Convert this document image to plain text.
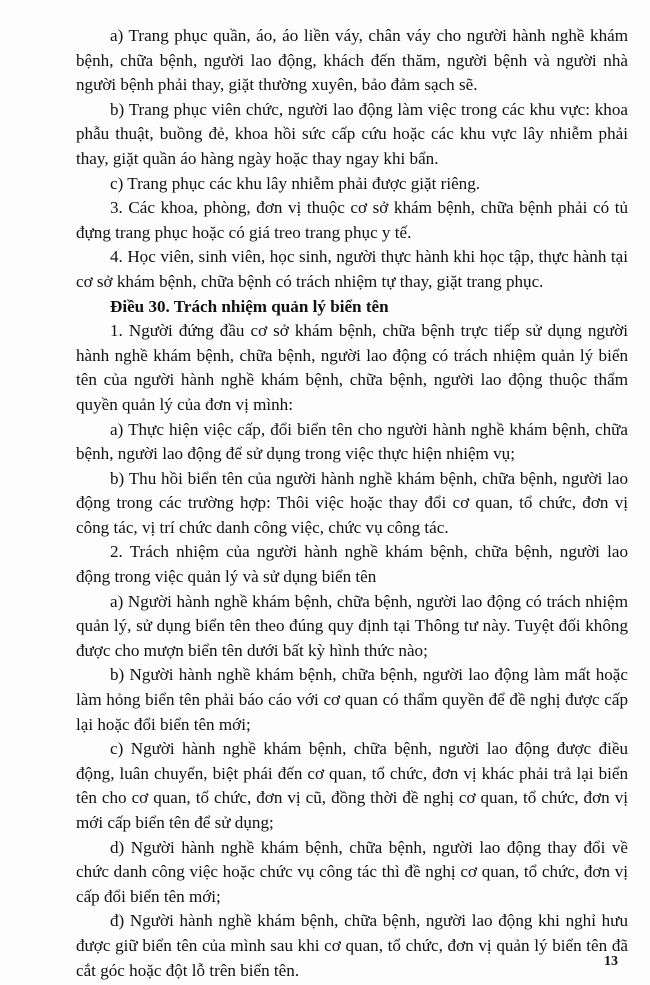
a) Trang phục quần, áo, áo liền váy, chân váy cho người hành nghề khám bệnh, chữa bệnh, người lao động, khách đến thăm, người bệnh và người nhà người bệnh phải thay, giặt thường xuyên, bảo đảm sạch sẽ.

b) Trang phục viên chức, người lao động làm việc trong các khu vực: khoa phẫu thuật, buồng đẻ, khoa hồi sức cấp cứu hoặc các khu vực lây nhiễm phải thay, giặt quần áo hàng ngày hoặc thay ngay khi bẩn.

c) Trang phục các khu lây nhiễm phải được giặt riêng.

3. Các khoa, phòng, đơn vị thuộc cơ sở khám bệnh, chữa bệnh phải có tủ đựng trang phục hoặc có giá treo trang phục y tế.

4. Học viên, sinh viên, học sinh, người thực hành khi học tập, thực hành tại cơ sở khám bệnh, chữa bệnh có trách nhiệm tự thay, giặt trang phục.

Điều 30. Trách nhiệm quản lý biển tên

1. Người đứng đầu cơ sở khám bệnh, chữa bệnh trực tiếp sử dụng người hành nghề khám bệnh, chữa bệnh, người lao động có trách nhiệm quản lý biển tên của người hành nghề khám bệnh, chữa bệnh, người lao động thuộc thẩm quyền quản lý của đơn vị mình:

a) Thực hiện việc cấp, đổi biển tên cho người hành nghề khám bệnh, chữa bệnh, người lao động để sử dụng trong việc thực hiện nhiệm vụ;

b) Thu hồi biển tên của người hành nghề khám bệnh, chữa bệnh, người lao động trong các trường hợp: Thôi việc hoặc thay đổi cơ quan, tổ chức, đơn vị công tác, vị trí chức danh công việc, chức vụ công tác.

2. Trách nhiệm của người hành nghề khám bệnh, chữa bệnh, người lao động trong việc quản lý và sử dụng biển tên

a) Người hành nghề khám bệnh, chữa bệnh, người lao động có trách nhiệm quản lý, sử dụng biển tên theo đúng quy định tại Thông tư này. Tuyệt đối không được cho mượn biển tên dưới bất kỳ hình thức nào;

b) Người hành nghề khám bệnh, chữa bệnh, người lao động làm mất hoặc làm hỏng biển tên phải báo cáo với cơ quan có thẩm quyền để đề nghị được cấp lại hoặc đổi biển tên mới;

c) Người hành nghề khám bệnh, chữa bệnh, người lao động được điều động, luân chuyển, biệt phái đến cơ quan, tổ chức, đơn vị khác phải trả lại biển tên cho cơ quan, tổ chức, đơn vị cũ, đồng thời đề nghị cơ quan, tổ chức, đơn vị mới cấp biển tên để sử dụng;

d) Người hành nghề khám bệnh, chữa bệnh, người lao động thay đổi về chức danh công việc hoặc chức vụ công tác thì đề nghị cơ quan, tổ chức, đơn vị cấp đổi biển tên mới;

đ) Người hành nghề khám bệnh, chữa bệnh, người lao động khi nghỉ hưu được giữ biển tên của mình sau khi cơ quan, tổ chức, đơn vị quản lý biển tên đã cắt góc hoặc đột lỗ trên biển tên.	13
